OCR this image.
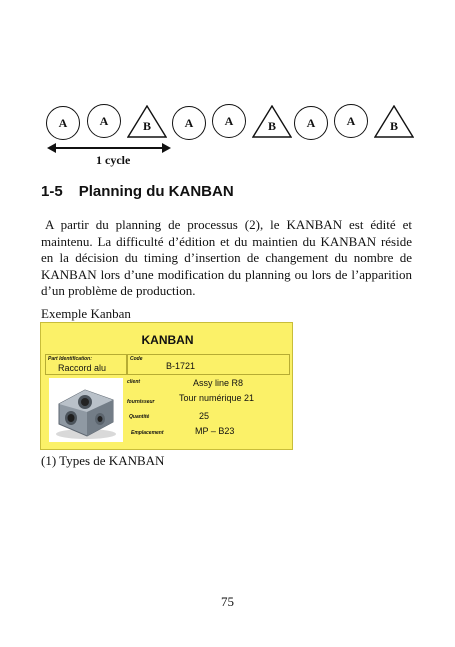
A	A	B	A	A	B	A	A	B
1 cycle
1-5 Planning du KANBAN
A partir du planning de processus (2), le KANBAN est édité et maintenu. La difficulté d’édition et du maintien du KANBAN réside en la décision du timing d’insertion de changement du nombre de KANBAN lors d’une modification du planning ou lors de l’apparition d’un problème de production.
Exemple Kanban
KANBAN
Part Identification:
Raccord alu
Code
B-1721
client	Assy line R8
fournisseur	Tour numérique 21
Quantité	25
Emplacement	MP – B23
(1) Types de KANBAN
75
